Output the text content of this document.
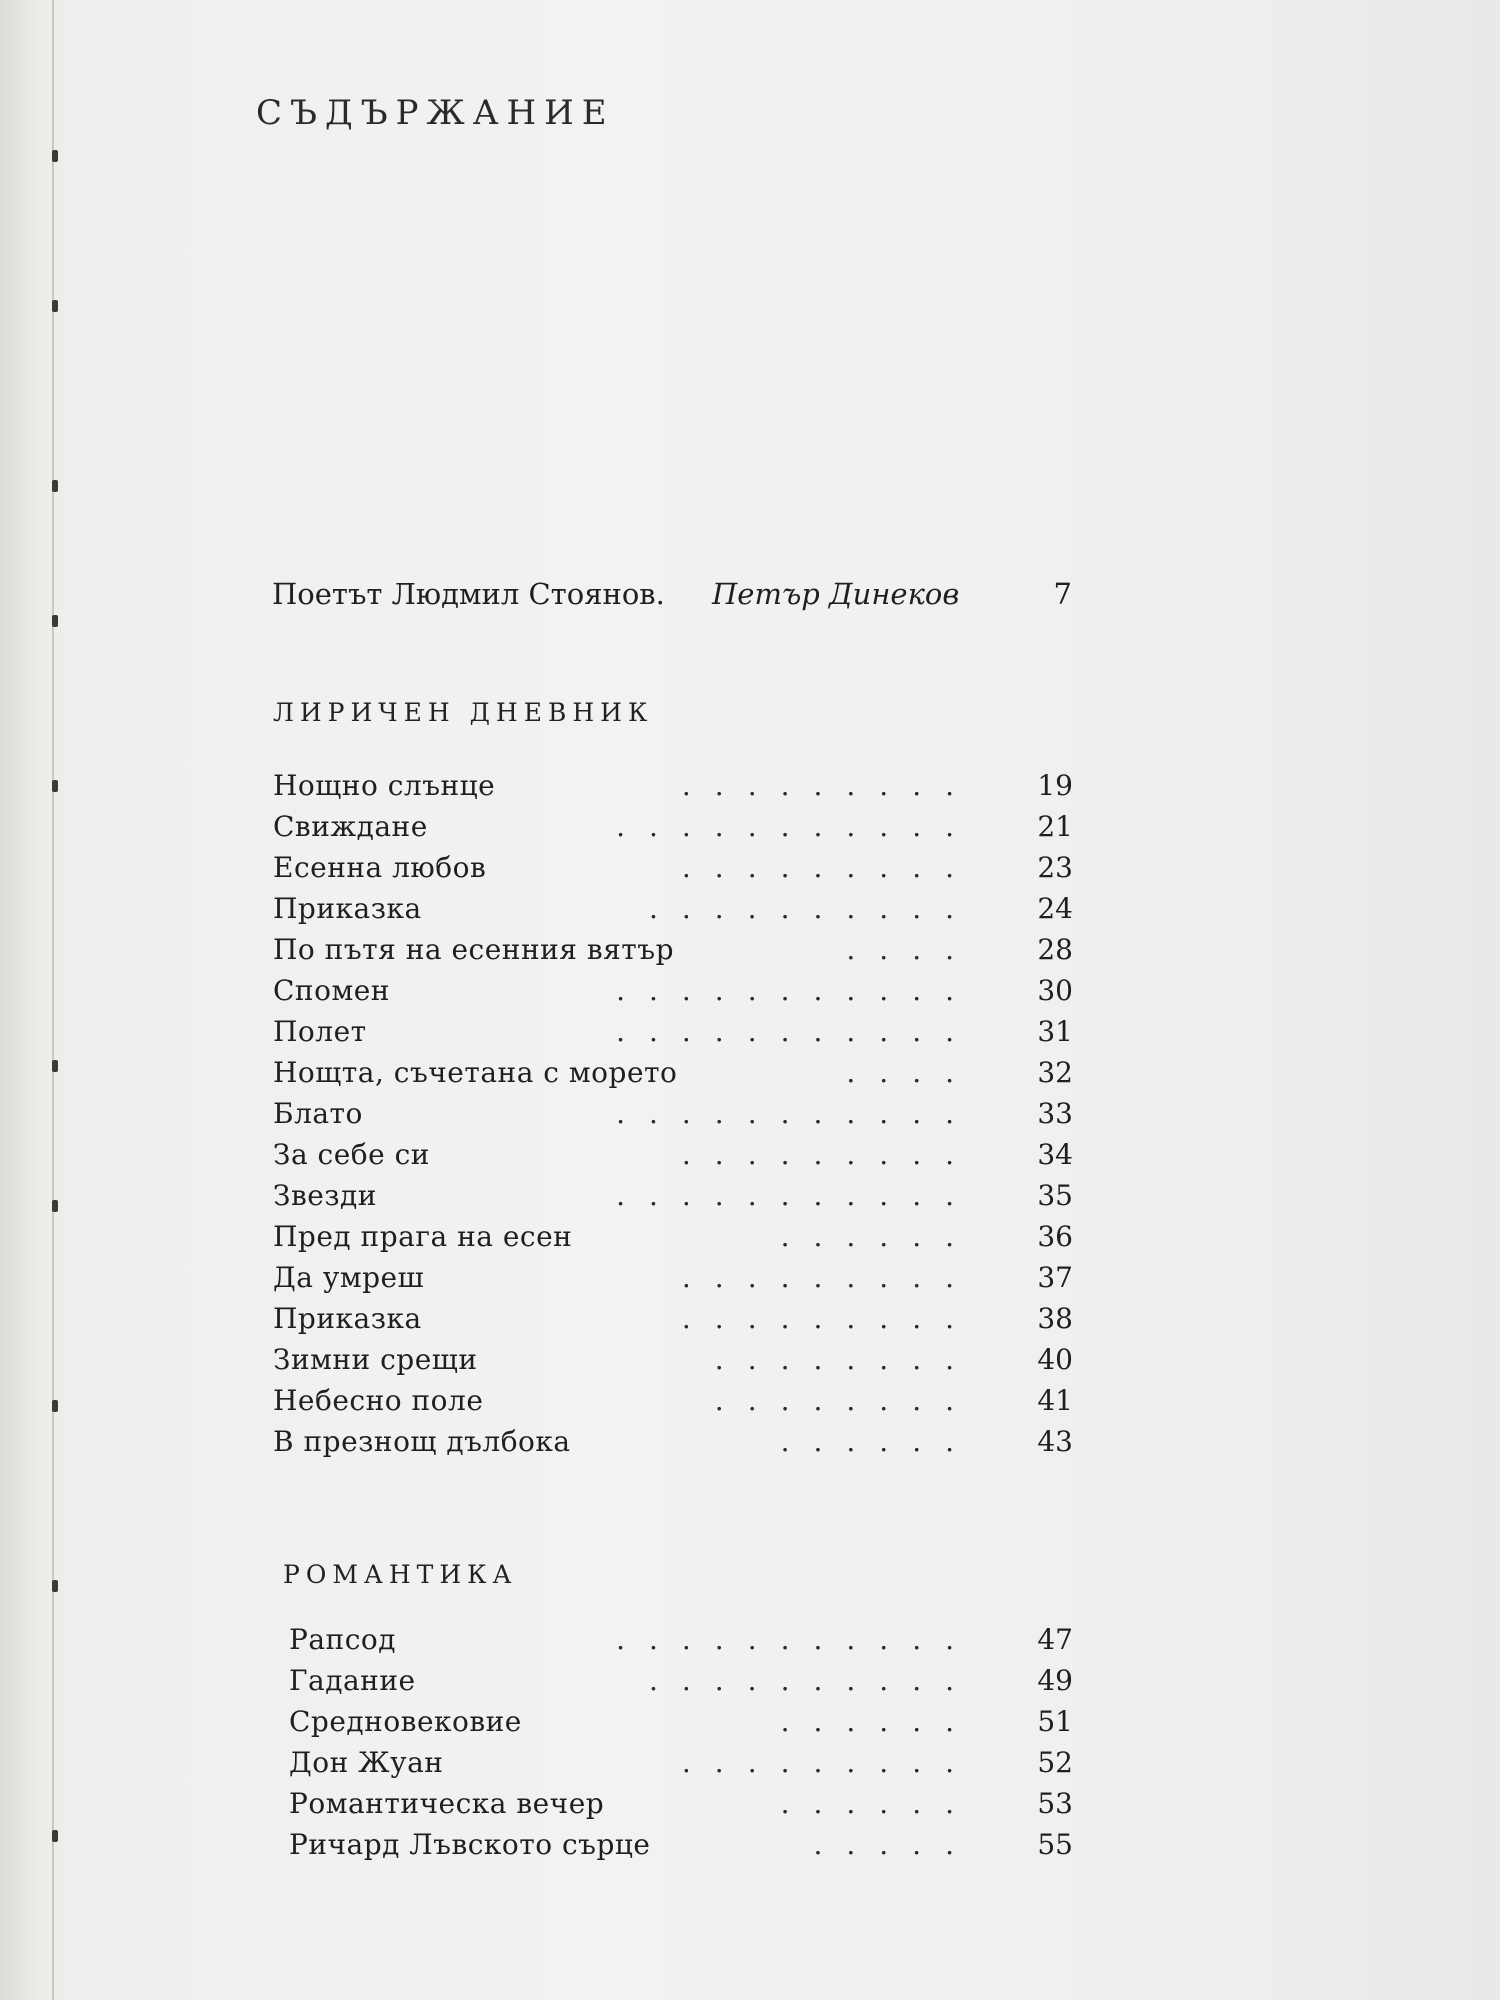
СЪДЪРЖАНИЕ
Поетът Людмил Стоянов. Петър Динеков	7
ЛИРИЧЕН ДНЕВНИК
Нощно слънце	.........	19
Свиждане	...........	21
Есенна любов	.........	23
Приказка	..........	24
По пътя на есенния вятър	....	28
Спомен	...........	30
Полет	...........	31
Нощта, съчетана с морето	....	32
Блато	...........	33
За себе си	.........	34
Звезди	...........	35
Пред прага на есен	......	36
Да умреш	.........	37
Приказка	.........	38
Зимни срещи	........	40
Небесно поле	........	41
В презнощ дълбока	......	43
РОМАНТИКА
Рапсод	...........	47
Гадание	..........	49
Средновековие	......	51
Дон Жуан	.........	52
Романтическа вечер	......	53
Ричард Лъвското сърце	.....	55
